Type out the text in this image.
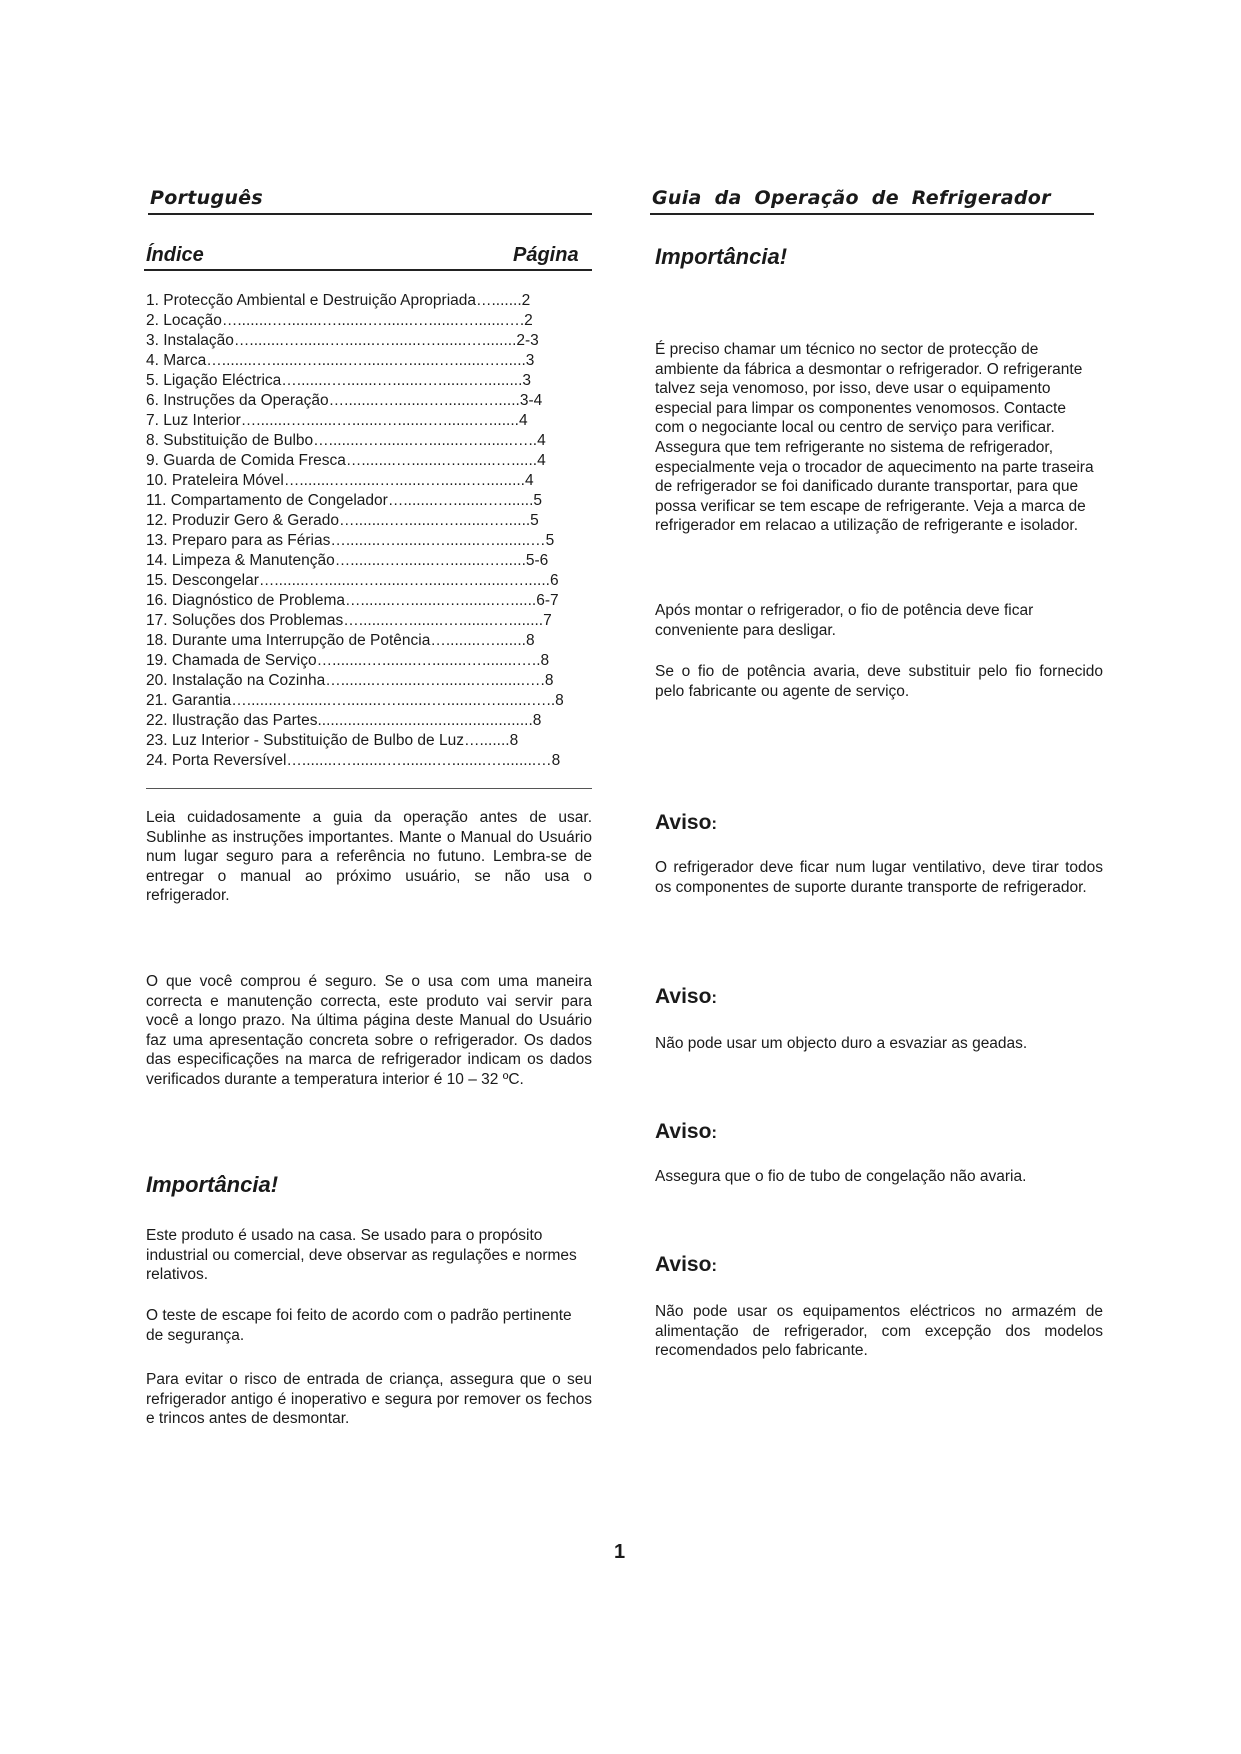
Português	Guia da Operação de Refrigerador
Índice	Página
1. Protecção Ambiental e Destruição Apropriada….......2
2. Locação…........…........….......….......….......….......….2
3. Instalação…........….......….......….......….......…........2-3
4. Marca…........….......….......….......….......….......…......3
5. Ligação Eléctrica…........….......….......….......….........3
6. Instruções da Operação…........…........…........…......3-4
7. Luz Interior…........….......….......….......….......….......4
8. Substituição de Bulbo…........…........…........…........…..4
9. Guarda de Comida Fresca…........…........…........…......4
10. Prateleira Móvel…........….......….......….......….........4
11. Compartamento de Congelador…........…........….......5
12. Produzir Gero & Gerado…........…........…........…......5
13. Preparo para as Férias…........…........…........…........…5
14. Limpeza & Manutenção…........…........…........…......5-6
15. Descongelar…........…........…........…........…........…......6
16. Diagnóstico de Problema…........…........…........…......6-7
17. Soluções dos Problemas…........…........…........…........7
18. Durante uma Interrupção de Potência…........….......8
19. Chamada de Serviço…........…........…........…........…..8
20. Instalação na Cozinha…........…........…........…........….8
21. Garantia…........…........…........…........…........…........…..8
22. Ilustração das Partes..................................................8
23. Luz Interior - Substituição de Bulbo de Luz….......8
24. Porta Reversível…........…........…........…........…........…8
Leia cuidadosamente a guia da operação antes de usar. Sublinhe as instruções importantes. Mante o Manual do Usuário num lugar seguro para a referência no futuno. Lembra-se de entregar o manual ao próximo usuário, se não usa o refrigerador.
O que você comprou é seguro. Se o usa com uma maneira correcta e manutenção correcta, este produto vai servir para você a longo prazo. Na última página deste Manual do Usuário faz uma apresentação concreta sobre o refrigerador. Os dados das especificações na marca de refrigerador indicam os dados verificados durante a temperatura interior é 10 – 32 ºC.
Importância!
Este produto é usado na casa. Se usado para o propósito industrial ou comercial, deve observar as regulações e normes relativos.
O teste de escape foi feito de acordo com o padrão pertinente de segurança.
Para evitar o risco de entrada de criança, assegura que o seu refrigerador antigo é inoperativo e segura por remover os fechos e trincos antes de desmontar.
Importância!
É preciso chamar um técnico no sector de protecção de ambiente da fábrica a desmontar o refrigerador. O refrigerante talvez seja venomoso, por isso, deve usar o equipamento especial para limpar os componentes venomosos. Contacte com o negociante local ou centro de serviço para verificar. Assegura que tem refrigerante no sistema de refrigerador, especialmente veja o trocador de aquecimento na parte traseira de refrigerador se foi danificado durante transportar, para que possa verificar se tem escape de refrigerante. Veja a marca de refrigerador em relacao a utilização de refrigerante e isolador.
Após montar o refrigerador, o fio de potência deve ficar conveniente para desligar.
Se o fio de potência avaria, deve substituir pelo fio fornecido pelo fabricante ou agente de serviço.
Aviso:
O refrigerador deve ficar num lugar ventilativo, deve tirar todos os componentes de suporte durante transporte de refrigerador.
Aviso:
Não pode usar um objecto duro a esvaziar as geadas.
Aviso:
Assegura que o fio de tubo de congelação não avaria.
Aviso:
Não pode usar os equipamentos eléctricos no armazém de alimentação de refrigerador, com excepção dos modelos recomendados pelo fabricante.
1
